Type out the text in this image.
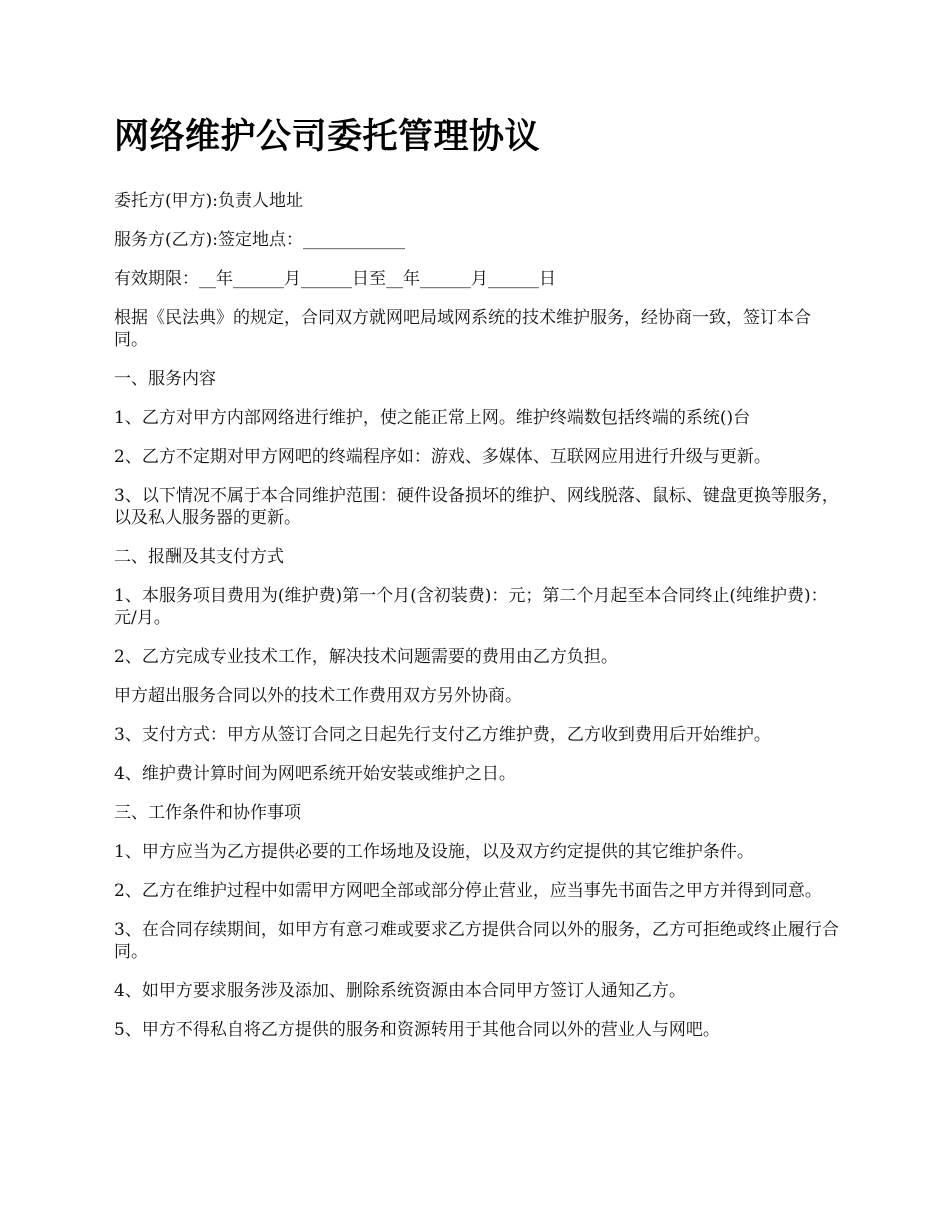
网络维护公司委托管理协议

委托方(甲方):负责人地址

服务方(乙方):签定地点：____________

有效期限：__年______月______日至__年______月______日

根据《民法典》的规定，合同双方就网吧局域网系统的技术维护服务，经协商一致，签订本合同。

一、服务内容

1、乙方对甲方内部网络进行维护，使之能正常上网。维护终端数包括终端的系统()台

2、乙方不定期对甲方网吧的终端程序如：游戏、多媒体、互联网应用进行升级与更新。

3、以下情况不属于本合同维护范围：硬件设备损坏的维护、网线脱落、鼠标、键盘更换等服务，以及私人服务器的更新。

二、报酬及其支付方式

1、本服务项目费用为(维护费)第一个月(含初装费)：元；第二个月起至本合同终止(纯维护费)：元/月。

2、乙方完成专业技术工作，解决技术问题需要的费用由乙方负担。

甲方超出服务合同以外的技术工作费用双方另外协商。

3、支付方式：甲方从签订合同之日起先行支付乙方维护费，乙方收到费用后开始维护。

4、维护费计算时间为网吧系统开始安装或维护之日。

三、工作条件和协作事项

1、甲方应当为乙方提供必要的工作场地及设施，以及双方约定提供的其它维护条件。

2、乙方在维护过程中如需甲方网吧全部或部分停止营业，应当事先书面告之甲方并得到同意。

3、在合同存续期间，如甲方有意刁难或要求乙方提供合同以外的服务，乙方可拒绝或终止履行合同。

4、如甲方要求服务涉及添加、删除系统资源由本合同甲方签订人通知乙方。

5、甲方不得私自将乙方提供的服务和资源转用于其他合同以外的营业人与网吧。
